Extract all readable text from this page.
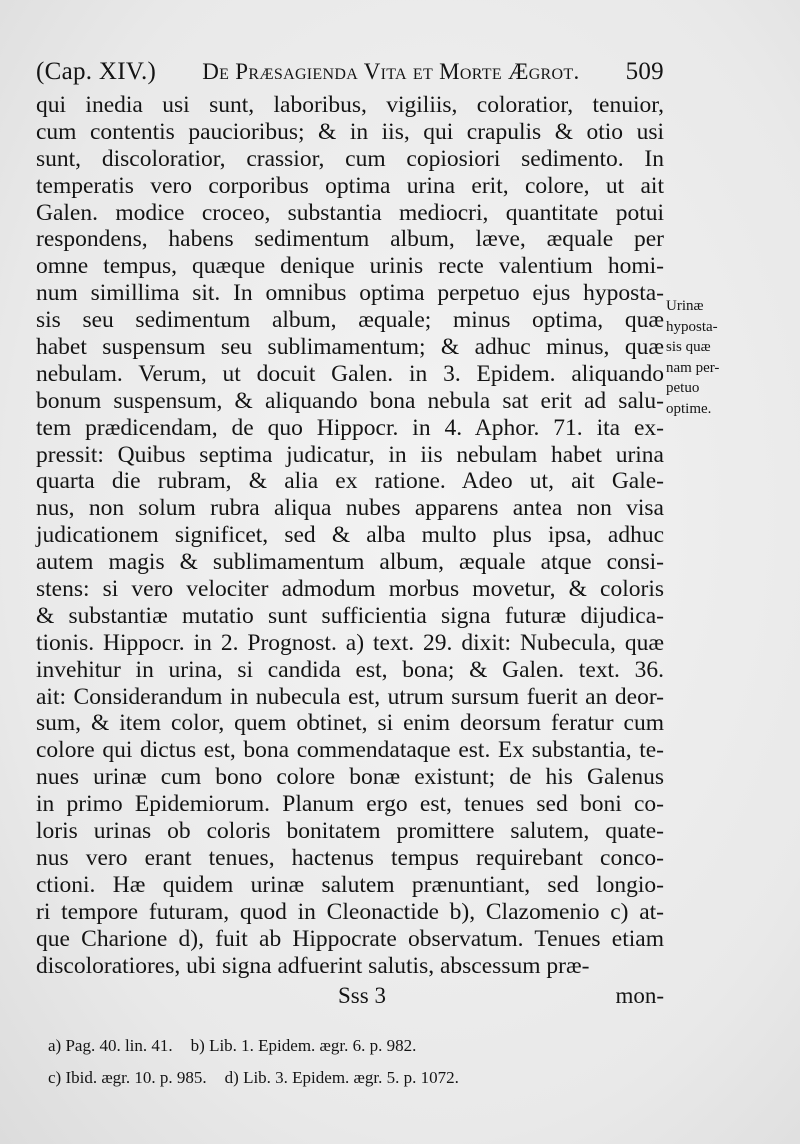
(Cap. XIV.) De Præsagienda Vita et Morte Ægrot. 509
qui inedia usi sunt, laboribus, vigiliis, coloratior, tenuior,
cum contentis paucioribus; & in iis, qui crapulis & otio usi
sunt, discoloratior, crassior, cum copiosiori sedimento. In
temperatis vero corporibus optima urina erit, colore, ut ait
Galen. modice croceo, substantia mediocri, quantitate potui
respondens, habens sedimentum album, læve, æquale per
omne tempus, quæque denique urinis recte valentium homi-
num simillima sit. In omnibus optima perpetuo ejus hyposta-
sis seu sedimentum album, æquale; minus optima, quæ
habet suspensum seu sublimamentum; & adhuc minus, quæ
nebulam. Verum, ut docuit Galen. in 3. Epidem. aliquando
bonum suspensum, & aliquando bona nebula sat erit ad salu-
tem prædicendam, de quo Hippocr. in 4. Aphor. 71. ita ex-
pressit: Quibus septima judicatur, in iis nebulam habet urina
quarta die rubram, & alia ex ratione. Adeo ut, ait Gale-
nus, non solum rubra aliqua nubes apparens antea non visa
judicationem significet, sed & alba multo plus ipsa, adhuc
autem magis & sublimamentum album, æquale atque consi-
stens: si vero velociter admodum morbus movetur, & coloris
& substantiæ mutatio sunt sufficientia signa futuræ dijudica-
tionis. Hippocr. in 2. Prognost. a) text. 29. dixit: Nubecula, quæ
invehitur in urina, si candida est, bona; & Galen. text. 36.
ait: Considerandum in nubecula est, utrum sursum fuerit an deor-
sum, & item color, quem obtinet, si enim deorsum feratur cum
colore qui dictus est, bona commendataque est. Ex substantia, te-
nues urinæ cum bono colore bonæ existunt; de his Galenus
in primo Epidemiorum. Planum ergo est, tenues sed boni co-
loris urinas ob coloris bonitatem promittere salutem, quate-
nus vero erant tenues, hactenus tempus requirebant conco-
ctioni. Hæ quidem urinæ salutem prænuntiant, sed longio-
ri tempore futuram, quod in Cleonactide b), Clazomenio c) at-
que Charione d), fuit ab Hippocrate observatum. Tenues etiam
discoloratiores, ubi signa adfuerint salutis, abscessum præ-
Urinæ
hyposta-
sis quæ
nam per-
petuo
optime.
Sss 3	mon-
a) Pag. 40. lin. 41. b) Lib. 1. Epidem. ægr. 6. p. 982.
c) Ibid. ægr. 10. p. 985. d) Lib. 3. Epidem. ægr. 5. p. 1072.
